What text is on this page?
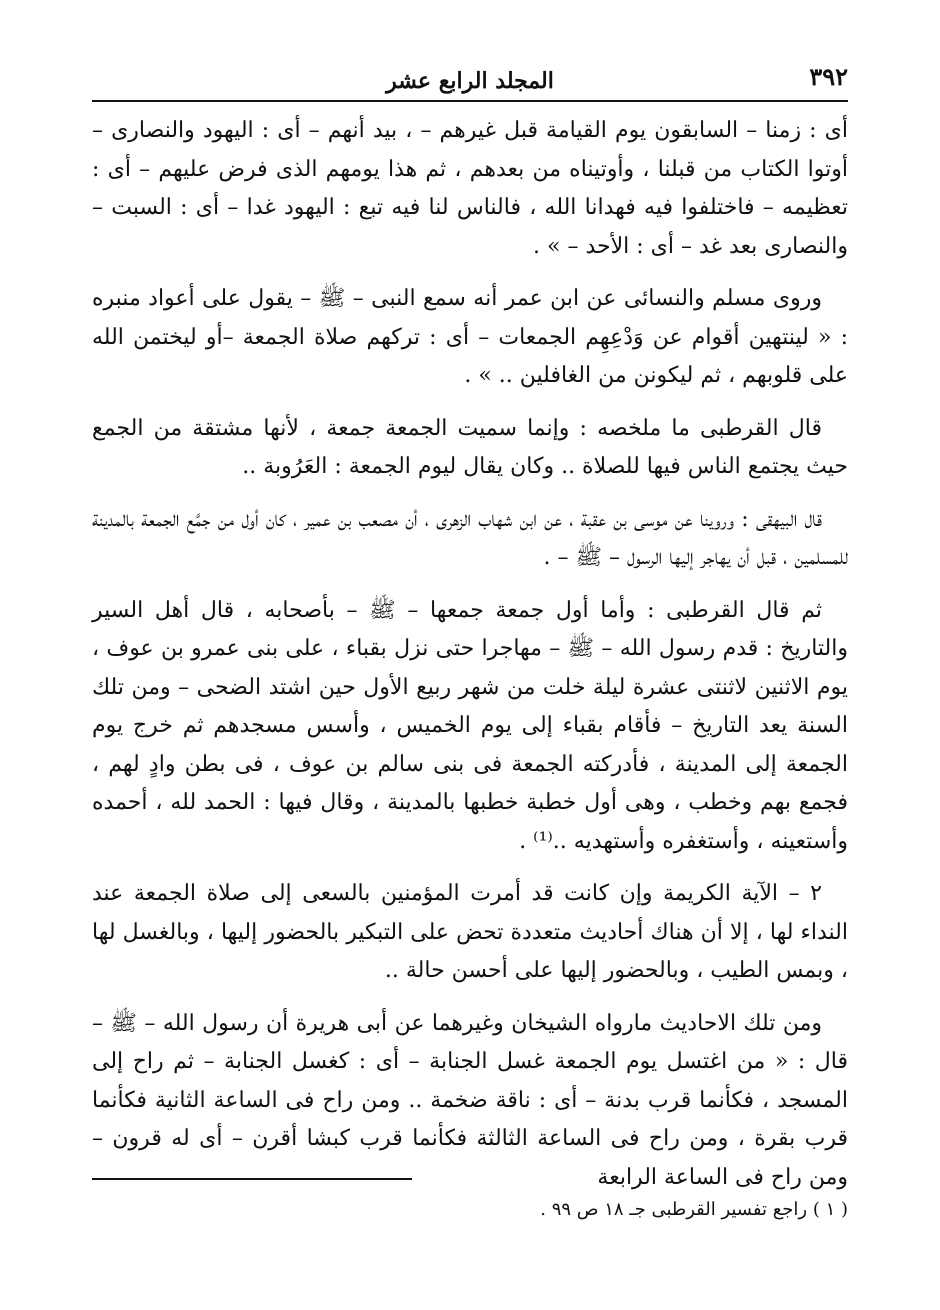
٣٩٢
المجلد الرابع عشر

أى : زمنا – السابقون يوم القيامة قبل غيرهم – ، بيد أنهم – أى : اليهود والنصارى – أوتوا الكتاب من قبلنا ، وأوتيناه من بعدهم ، ثم هذا يومهم الذى فرض عليهم – أى : تعظيمه – فاختلفوا فيه فهدانا الله ، فالناس لنا فيه تبع : اليهود غدا – أى : السبت – والنصارى بعد غد – أى : الأحد – » .

وروى مسلم والنسائى عن ابن عمر أنه سمع النبى – ﷺ – يقول على أعواد منبره : « لينتهين أقوام عن وَدْعِهِم الجمعات – أى : تركهم صلاة الجمعة –أو ليختمن الله على قلوبهم ، ثم ليكونن من الغافلين .. » .

قال القرطبى ما ملخصه : وإنما سميت الجمعة جمعة ، لأنها مشتقة من الجمع حيث يجتمع الناس فيها للصلاة .. وكان يقال ليوم الجمعة : العَرُوبة ..

قال البيهقى : وروينا عن موسى بن عقبة ، عن ابن شهاب الزهرى ، أن مصعب بن عمير ، كان أول من جمَّع الجمعة بالمدينة للمسلمين ، قبل أن يهاجر إليها الرسول – ﷺ – .

ثم قال القرطبى : وأما أول جمعة جمعها – ﷺ – بأصحابه ، قال أهل السير والتاريخ : قدم رسول الله – ﷺ – مهاجرا حتى نزل بقباء ، على بنى عمرو بن عوف ، يوم الاثنين لاثنتى عشرة ليلة خلت من شهر ربيع الأول حين اشتد الضحى – ومن تلك السنة يعد التاريخ – فأقام بقباء إلى يوم الخميس ، وأسس مسجدهم ثم خرج يوم الجمعة إلى المدينة ، فأدركته الجمعة فى بنى سالم بن عوف ، فى بطن وادٍ لهم ، فجمع بهم وخطب ، وهى أول خطبة خطبها بالمدينة ، وقال فيها : الحمد لله ، أحمده وأستعينه ، وأستغفره وأستهديه ..⁽¹⁾ .

٢ – الآية الكريمة وإن كانت قد أمرت المؤمنين بالسعى إلى صلاة الجمعة عند النداء لها ، إلا أن هناك أحاديث متعددة تحض على التبكير بالحضور إليها ، وبالغسل لها ، وبمس الطيب ، وبالحضور إليها على أحسن حالة ..

ومن تلك الاحاديث مارواه الشيخان وغيرهما عن أبى هريرة أن رسول الله – ﷺ – قال : « من اغتسل يوم الجمعة غسل الجنابة – أى : كغسل الجنابة – ثم راح إلى المسجد ، فكأنما قرب بدنة – أى : ناقة ضخمة .. ومن راح فى الساعة الثانية فكأنما قرب بقرة ، ومن راح فى الساعة الثالثة فكأنما قرب كبشا أقرن – أى له قرون – ومن راح فى الساعة الرابعة

( ١ ) راجع تفسير القرطبى جـ ١٨ ص ٩٩ .
